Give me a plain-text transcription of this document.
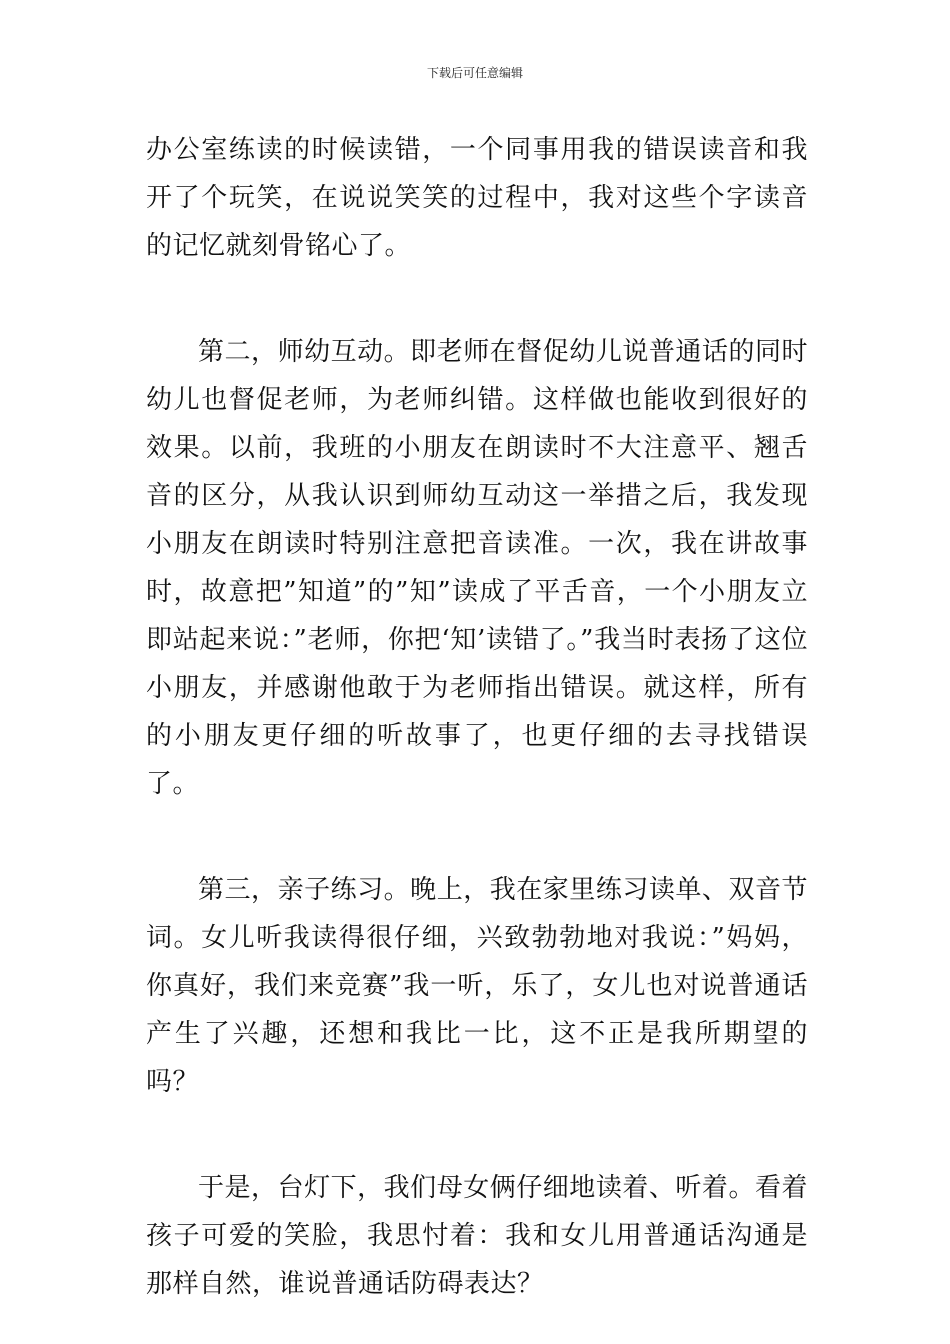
下载后可任意编辑

办公室练读的时候读错，一个同事用我的错误读音和我开了个玩笑，在说说笑笑的过程中，我对这些个字读音的记忆就刻骨铭心了。

第二，师幼互动。即老师在督促幼儿说普通话的同时幼儿也督促老师，为老师纠错。这样做也能收到很好的效果。以前，我班的小朋友在朗读时不大注意平、翘舌音的区分，从我认识到师幼互动这一举措之后，我发现小朋友在朗读时特别注意把音读准。一次，我在讲故事时，故意把”知道”的”知”读成了平舌音，一个小朋友立即站起来说：”老师，你把‘知’读错了。”我当时表扬了这位小朋友，并感谢他敢于为老师指出错误。就这样，所有的小朋友更仔细的听故事了，也更仔细的去寻找错误了。

第三，亲子练习。晚上，我在家里练习读单、双音节词。女儿听我读得很仔细，兴致勃勃地对我说：”妈妈，你真好，我们来竞赛”我一听，乐了，女儿也对说普通话产生了兴趣，还想和我比一比，这不正是我所期望的吗？

于是，台灯下，我们母女俩仔细地读着、听着。看着孩子可爱的笑脸，我思忖着：我和女儿用普通话沟通是那样自然，谁说普通话防碍表达？
